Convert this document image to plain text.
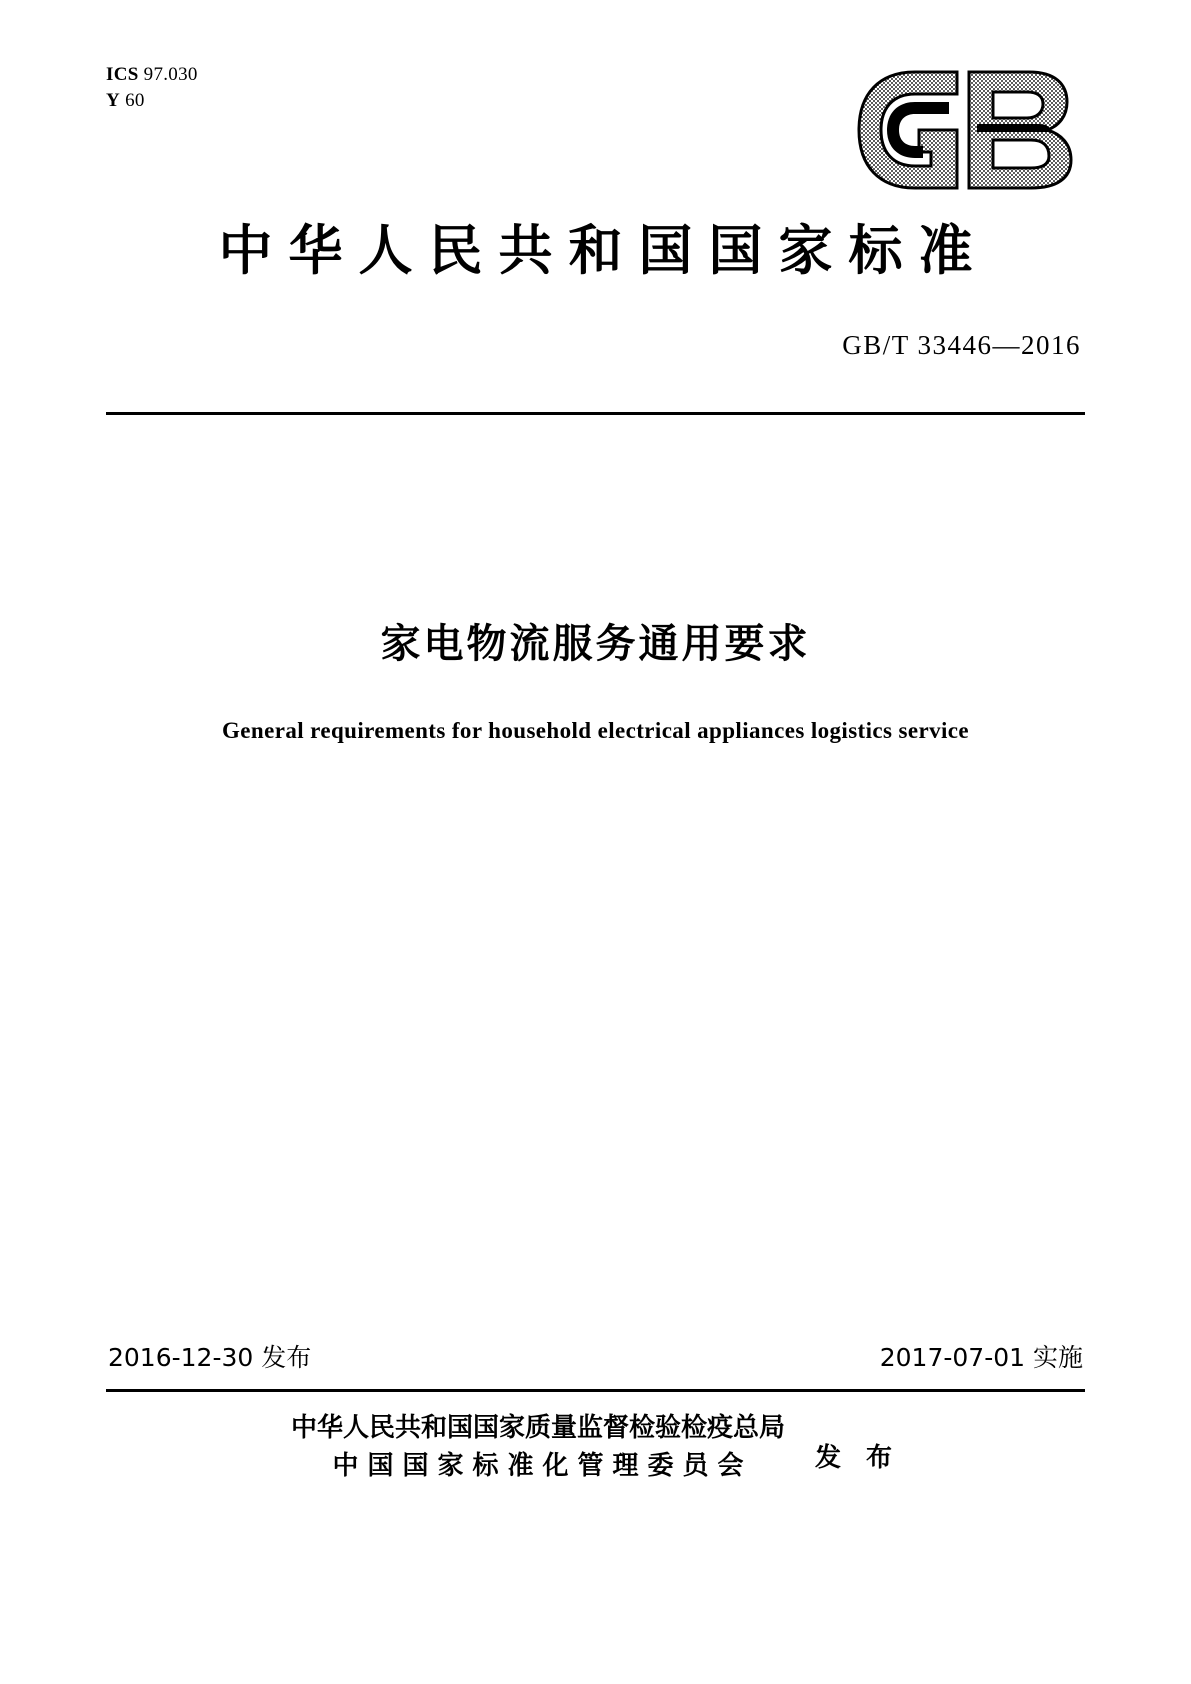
ICS 97.030
Y 60
中华人民共和国国家标准
GB/T 33446—2016
家电物流服务通用要求
General requirements for household electrical appliances logistics service
2016-12-30 发布	2017-07-01 实施
中华人民共和国国家质量监督检验检疫总局
中国国家标准化管理委员会	发 布
